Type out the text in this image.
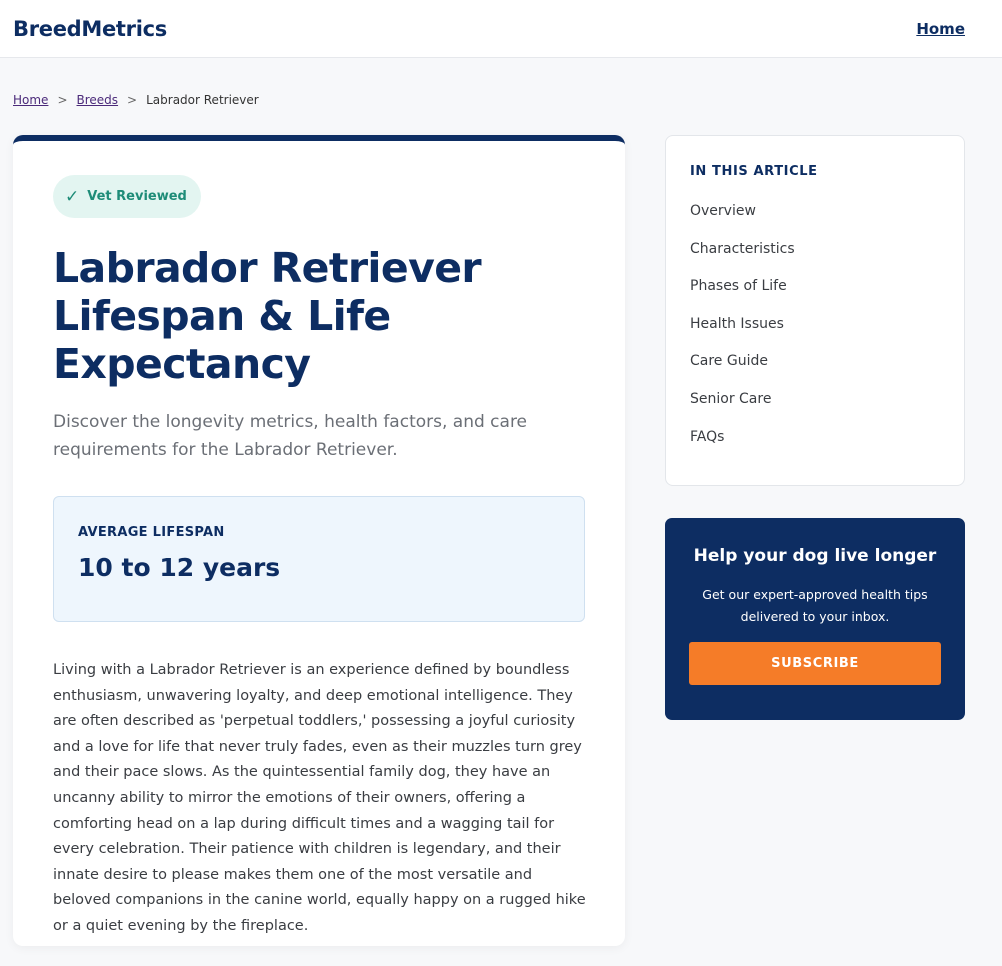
BreedMetrics	Home
Home > Breeds > Labrador Retriever
✓ Vet Reviewed
Labrador Retriever Lifespan & Life Expectancy

Discover the longevity metrics, health factors, and care requirements for the Labrador Retriever.

AVERAGE LIFESPAN
10 to 12 years

Living with a Labrador Retriever is an experience defined by boundless enthusiasm, unwavering loyalty, and deep emotional intelligence. They are often described as 'perpetual toddlers,' possessing a joyful curiosity and a love for life that never truly fades, even as their muzzles turn grey and their pace slows. As the quintessential family dog, they have an uncanny ability to mirror the emotions of their owners, offering a comforting head on a lap during difficult times and a wagging tail for every celebration. Their patience with children is legendary, and their innate desire to please makes them one of the most versatile and beloved companions in the canine world, equally happy on a rugged hike or a quiet evening by the fireplace.

IN THIS ARTICLE
Overview
Characteristics
Phases of Life
Health Issues
Care Guide
Senior Care
FAQs
Help your dog live longer
Get our expert-approved health tips delivered to your inbox.
SUBSCRIBE
